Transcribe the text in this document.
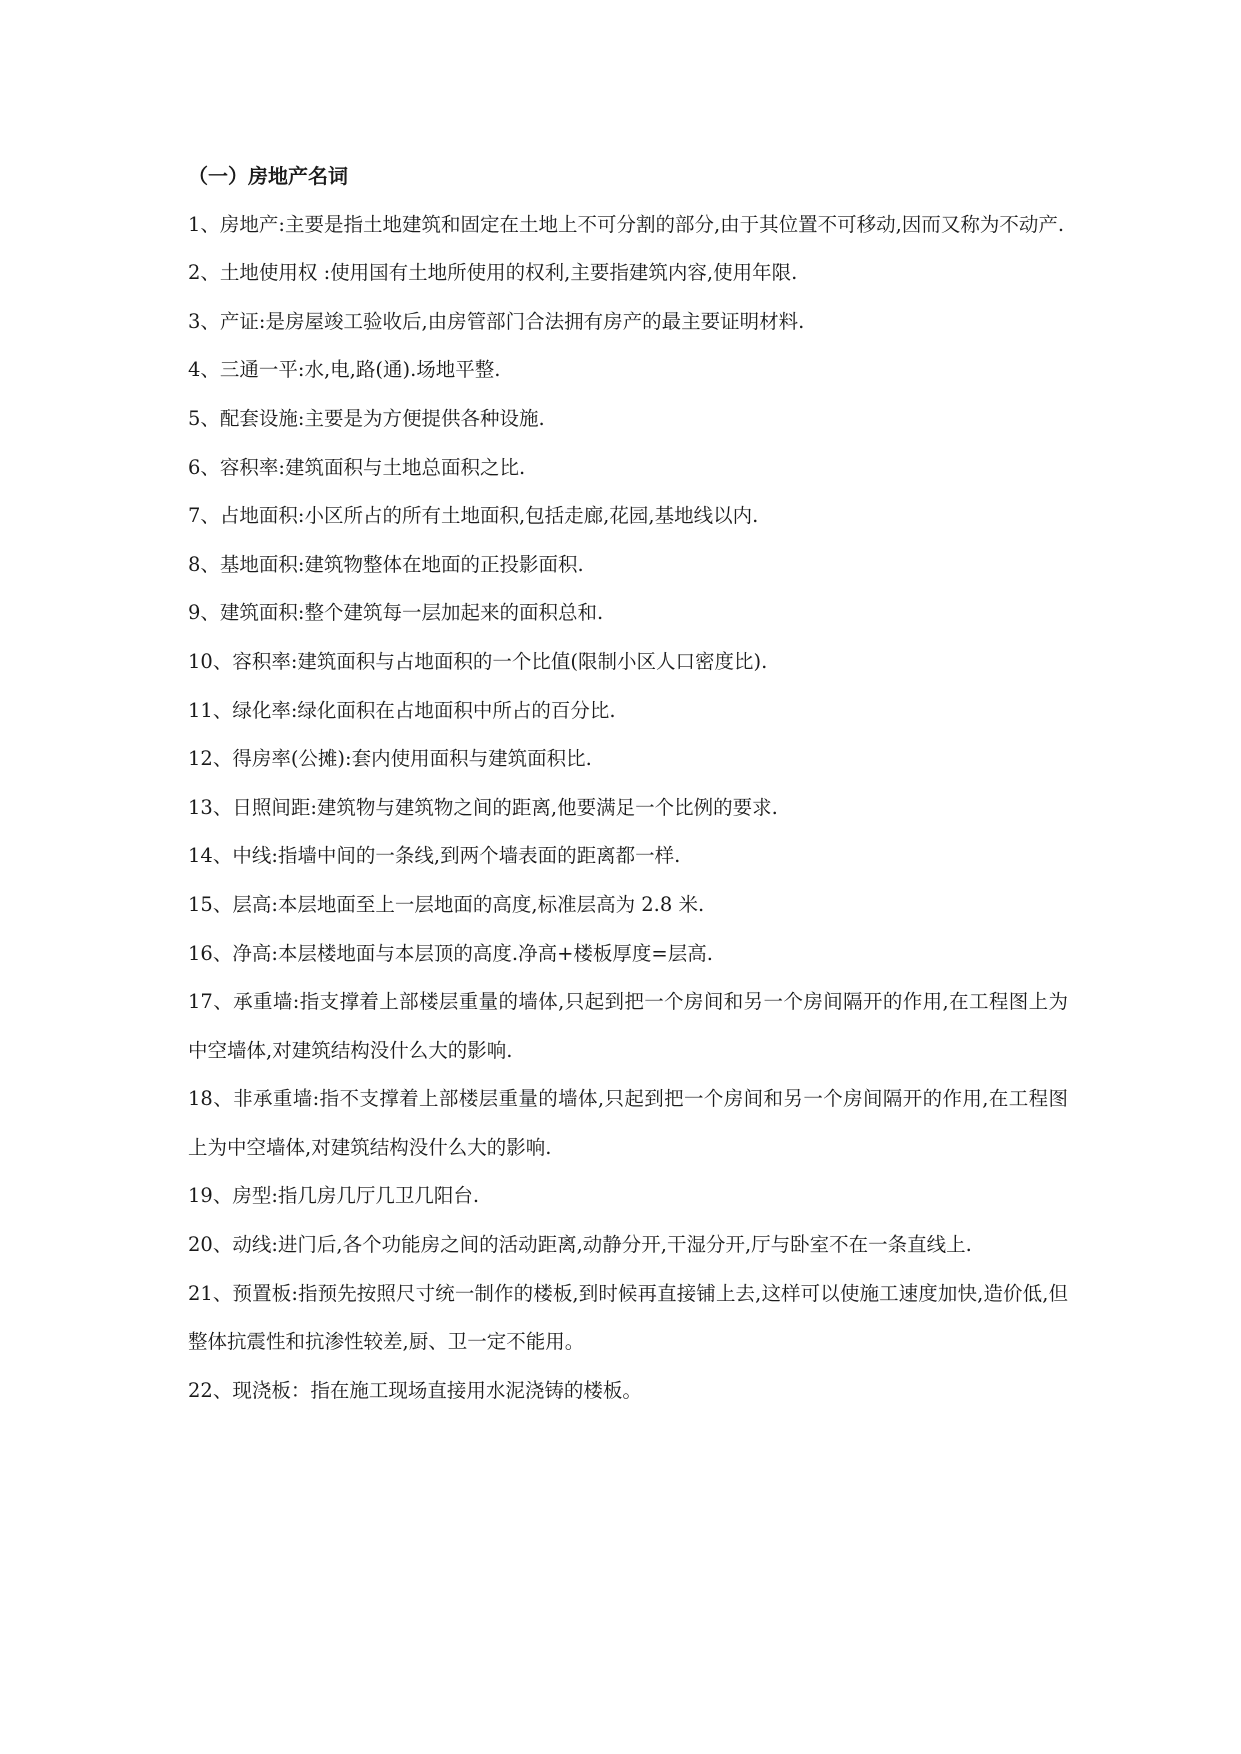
（一）房地产名词

1、房地产:主要是指土地建筑和固定在土地上不可分割的部分,由于其位置不可移动,因而又称为不动产.

2、土地使用权 :使用国有土地所使用的权利,主要指建筑内容,使用年限.

3、产证:是房屋竣工验收后,由房管部门合法拥有房产的最主要证明材料.

4、三通一平:水,电,路(通).场地平整.

5、配套设施:主要是为方便提供各种设施.

6、容积率:建筑面积与土地总面积之比.

7、占地面积:小区所占的所有土地面积,包括走廊,花园,基地线以内.

8、基地面积:建筑物整体在地面的正投影面积.

9、建筑面积:整个建筑每一层加起来的面积总和.

10、容积率:建筑面积与占地面积的一个比值(限制小区人口密度比).

11、绿化率:绿化面积在占地面积中所占的百分比.

12、得房率(公摊):套内使用面积与建筑面积比.

13、日照间距:建筑物与建筑物之间的距离,他要满足一个比例的要求.

14、中线:指墙中间的一条线,到两个墙表面的距离都一样.

15、层高:本层地面至上一层地面的高度,标准层高为 2.8 米.

16、净高:本层楼地面与本层顶的高度.净高+楼板厚度=层高.

17、承重墙:指支撑着上部楼层重量的墙体,只起到把一个房间和另一个房间隔开的作用,在工程图上为中空墙体,对建筑结构没什么大的影响.

18、非承重墙:指不支撑着上部楼层重量的墙体,只起到把一个房间和另一个房间隔开的作用,在工程图上为中空墙体,对建筑结构没什么大的影响.

19、房型:指几房几厅几卫几阳台.

20、动线:进门后,各个功能房之间的活动距离,动静分开,干湿分开,厅与卧室不在一条直线上.

21、预置板:指预先按照尺寸统一制作的楼板,到时候再直接铺上去,这样可以使施工速度加快,造价低,但整体抗震性和抗渗性较差,厨、卫一定不能用。

22、现浇板：指在施工现场直接用水泥浇铸的楼板。
